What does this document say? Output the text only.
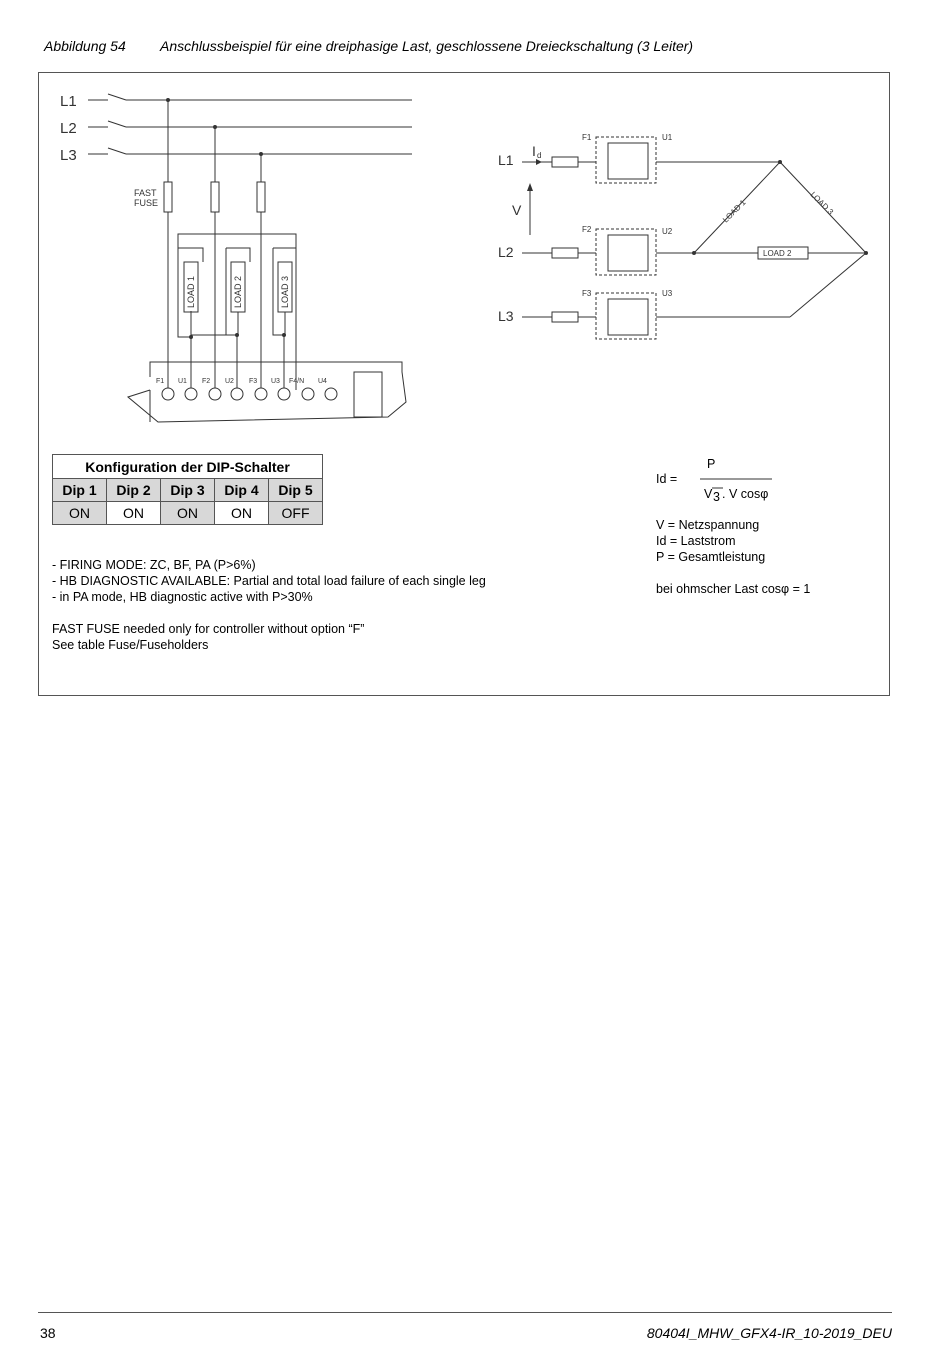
Abbildung 54 Anschlussbeispiel für eine dreiphasige Last, geschlossene Dreieckschaltung (3 Leiter)
L1
L2
L3
FAST
FUSE
LOAD 1	LOAD 2	LOAD 3
F1 U1 F2 U2 F3 U3 F4/N U4
L1
L2
L3
V
I d
F1
F2
F3
U1
U2
U3
LOAD 1
LOAD 2
LOAD 3
Konfiguration der DIP-Schalter				
Dip 1	Dip 2	Dip 3	Dip 4	Dip 5
ON	ON	ON	ON	OFF

- FIRING MODE: ZC, BF, PA (P>6%)

- HB DIAGNOSTIC AVAILABLE: Partial and total load failure of each single leg

- in PA mode, HB diagnostic active with P>30%

FAST FUSE needed only for controller without option “F”

See table Fuse/Fuseholders

Id =
P
V 3 . V cosφ

V = Netzspannung

Id = Laststrom

P = Gesamtleistung

bei ohmscher Last cosφ = 1

38	80404I_MHW_GFX4-IR_10-2019_DEU
